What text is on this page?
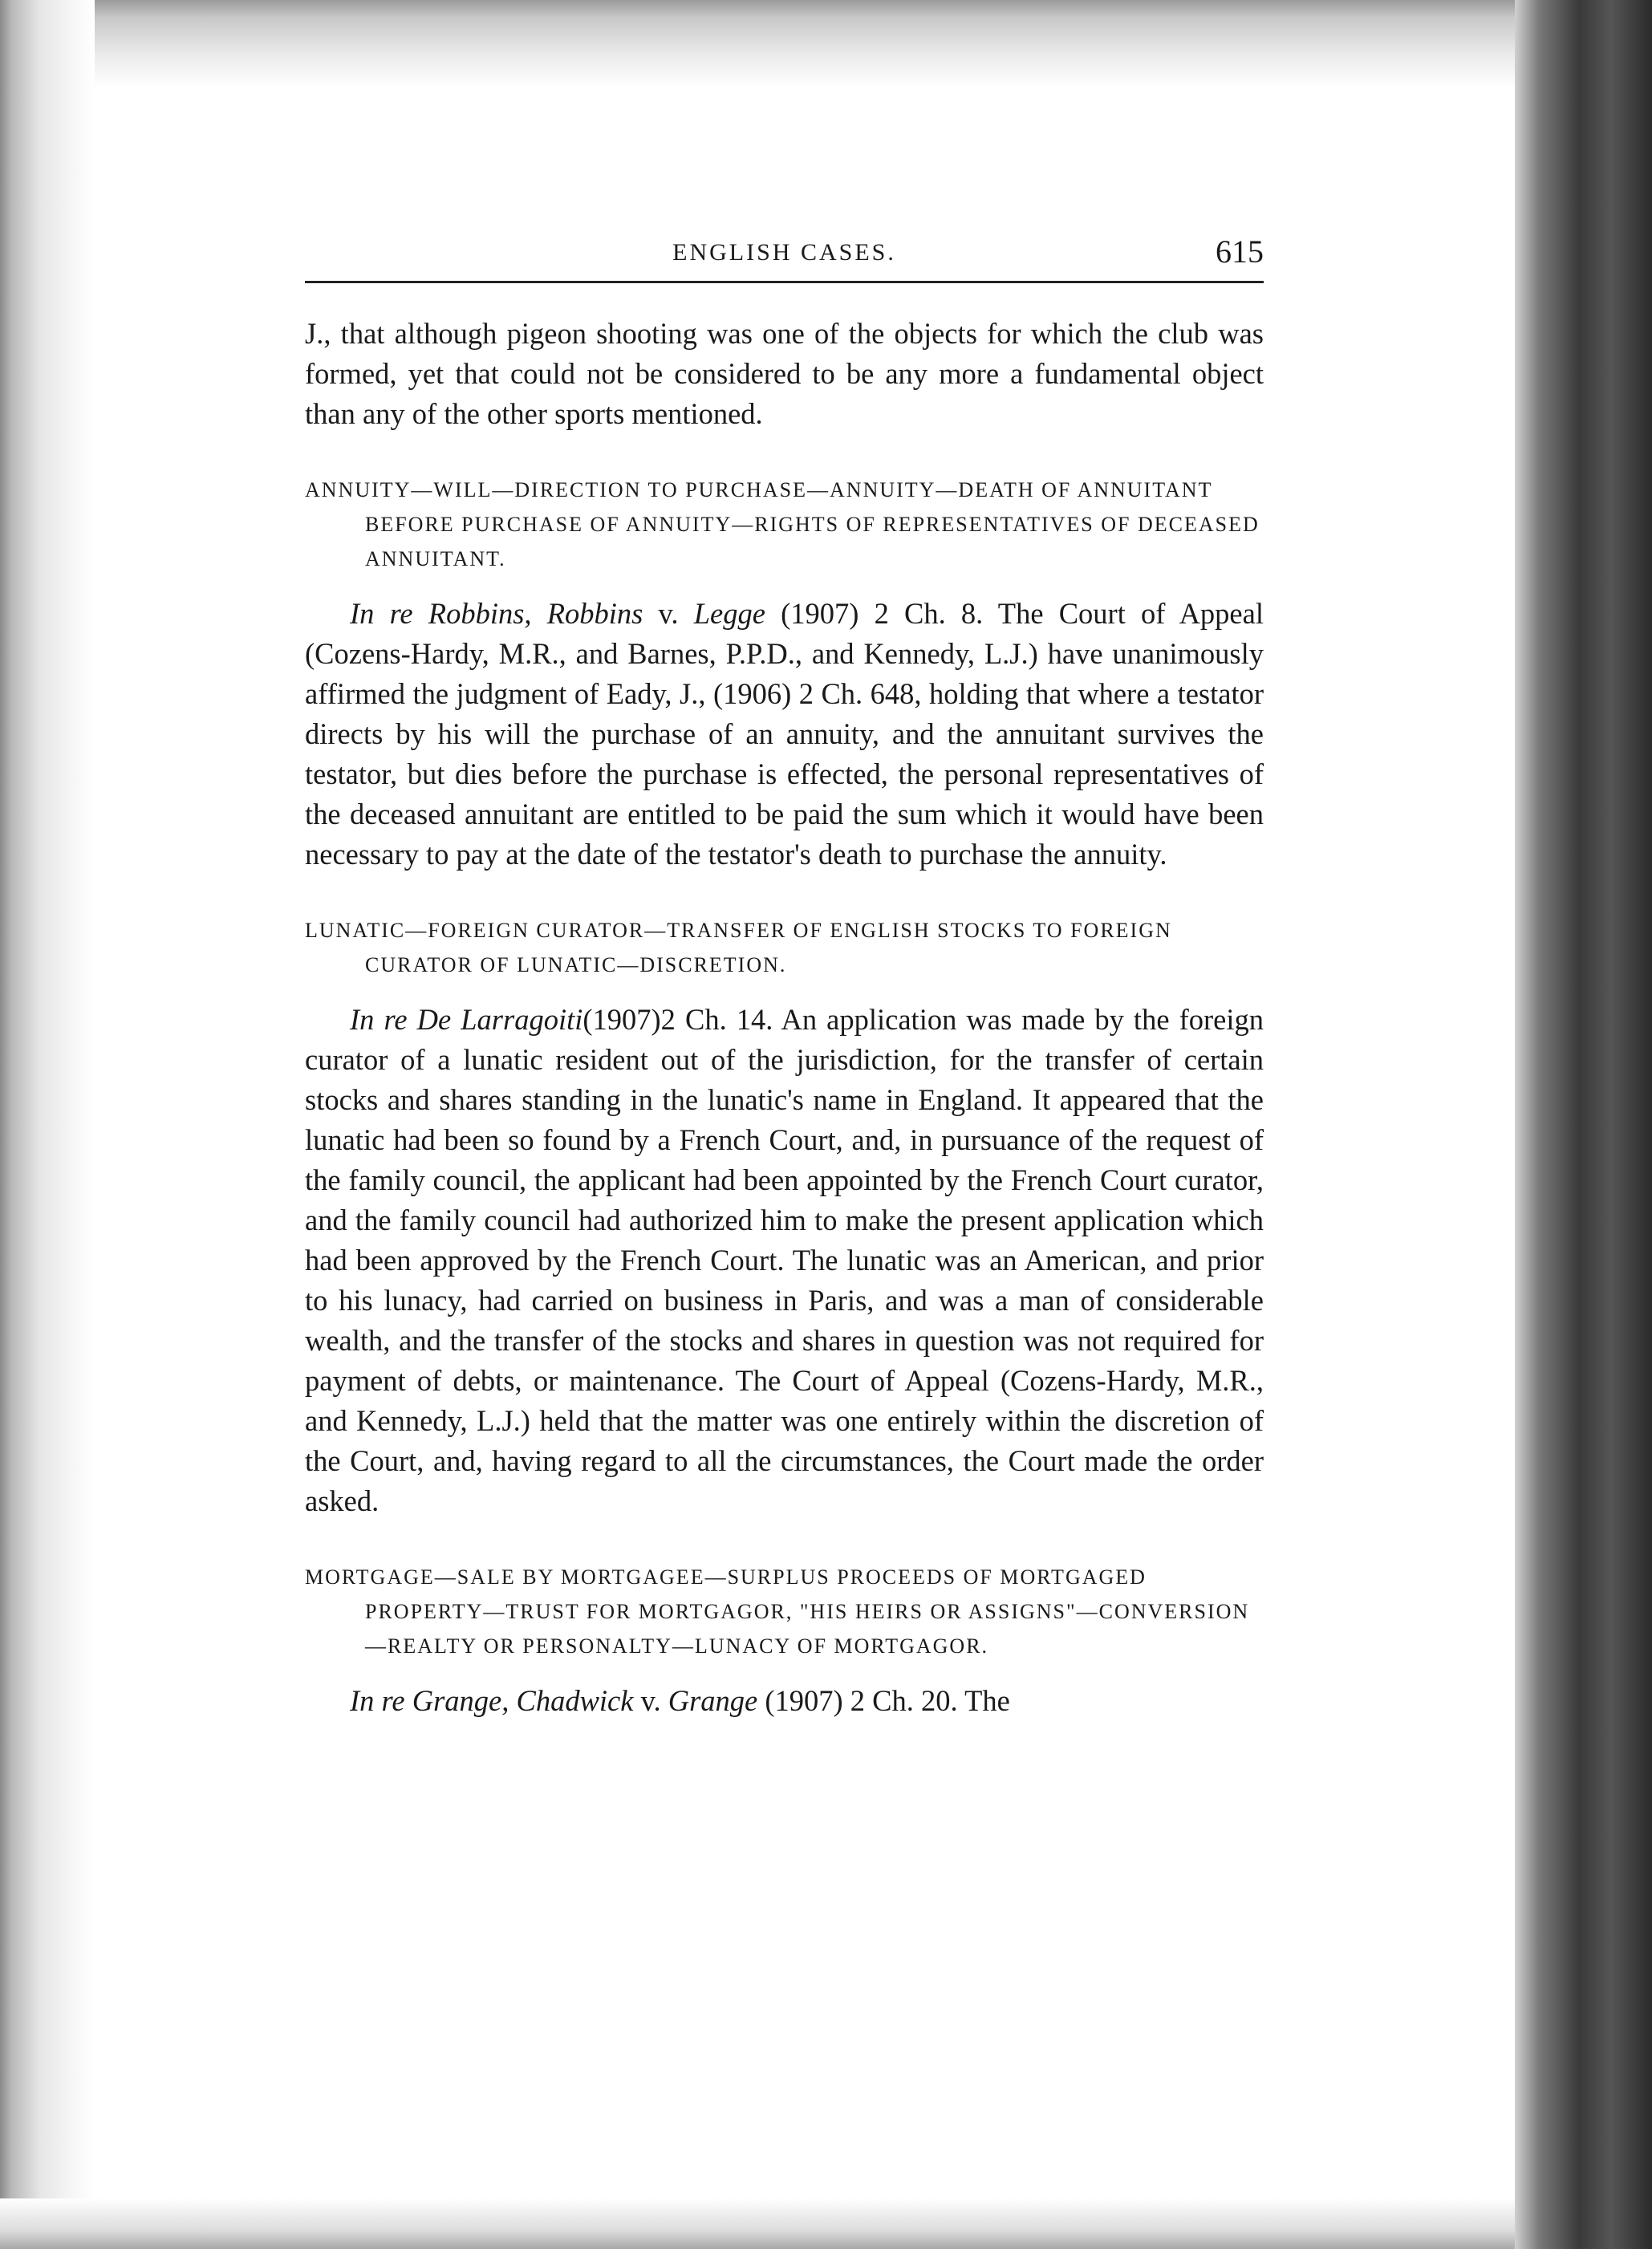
ENGLISH CASES.	615

J., that although pigeon shooting was one of the objects for which the club was formed, yet that could not be considered to be any more a fundamental object than any of the other sports mentioned.

ANNUITY—WILL—DIRECTION TO PURCHASE—ANNUITY—DEATH OF ANNUITANT BEFORE PURCHASE OF ANNUITY—RIGHTS OF REPRESENTATIVES OF DECEASED ANNUITANT.

In re Robbins, Robbins v. Legge (1907) 2 Ch. 8. The Court of Appeal (Cozens-Hardy, M.R., and Barnes, P.P.D., and Kennedy, L.J.) have unanimously affirmed the judgment of Eady, J., (1906) 2 Ch. 648, holding that where a testator directs by his will the purchase of an annuity, and the annuitant survives the testator, but dies before the purchase is effected, the personal representatives of the deceased annuitant are entitled to be paid the sum which it would have been necessary to pay at the date of the testator's death to purchase the annuity.

LUNATIC—FOREIGN CURATOR—TRANSFER OF ENGLISH STOCKS TO FOREIGN CURATOR OF LUNATIC—DISCRETION.

In re De Larragoiti(1907)2 Ch. 14. An application was made by the foreign curator of a lunatic resident out of the jurisdiction, for the transfer of certain stocks and shares standing in the lunatic's name in England. It appeared that the lunatic had been so found by a French Court, and, in pursuance of the request of the family council, the applicant had been appointed by the French Court curator, and the family council had authorized him to make the present application which had been approved by the French Court. The lunatic was an American, and prior to his lunacy, had carried on business in Paris, and was a man of considerable wealth, and the transfer of the stocks and shares in question was not required for payment of debts, or maintenance. The Court of Appeal (Cozens-Hardy, M.R., and Kennedy, L.J.) held that the matter was one entirely within the discretion of the Court, and, having regard to all the circumstances, the Court made the order asked.

MORTGAGE—SALE BY MORTGAGEE—SURPLUS PROCEEDS OF MORTGAGED PROPERTY—TRUST FOR MORTGAGOR, "HIS HEIRS OR ASSIGNS"—CONVERSION—REALTY OR PERSONALTY—LUNACY OF MORTGAGOR.

In re Grange, Chadwick v. Grange (1907) 2 Ch. 20. The
